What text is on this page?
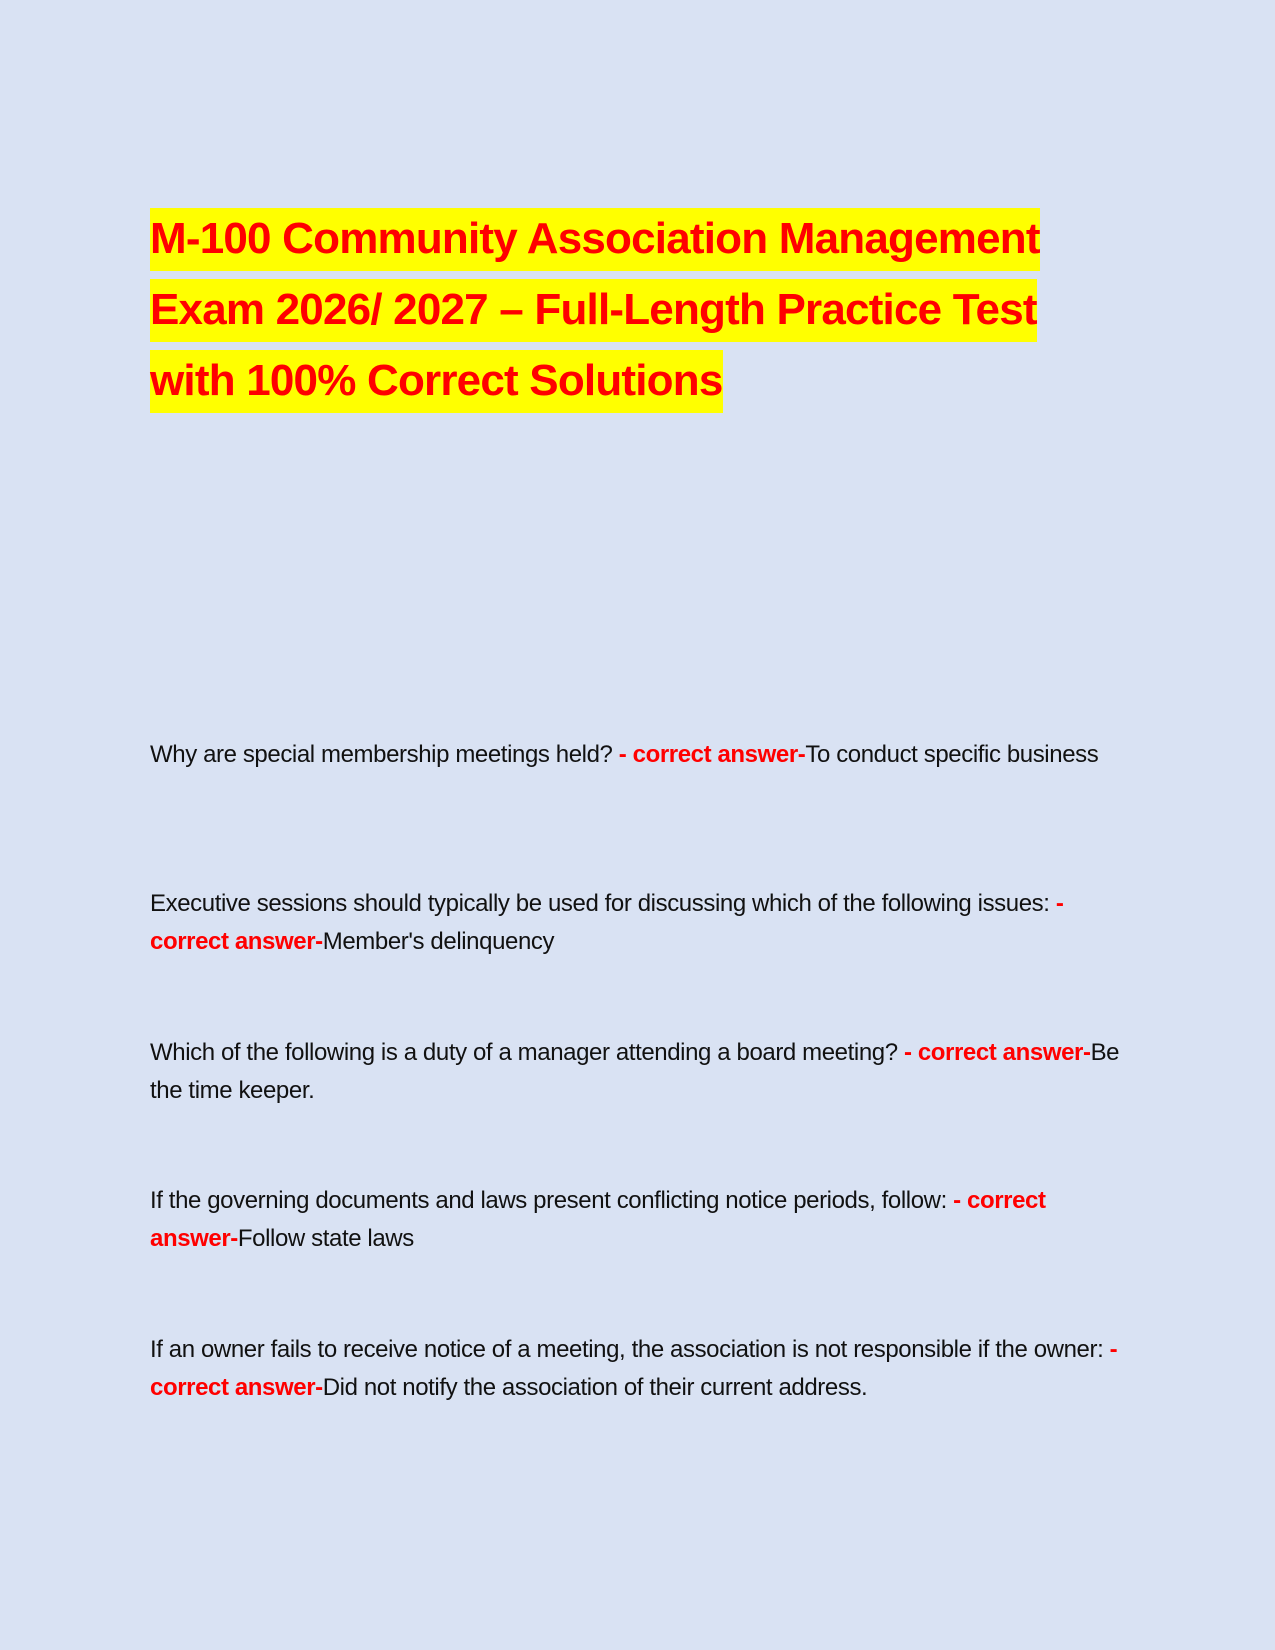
M-100 Community Association Management Exam 2026/ 2027 – Full-Length Practice Test with 100% Correct Solutions
Why are special membership meetings held? - correct answer-To conduct specific business
Executive sessions should typically be used for discussing which of the following issues: - correct answer-Member's delinquency
Which of the following is a duty of a manager attending a board meeting? - correct answer-Be the time keeper.
If the governing documents and laws present conflicting notice periods, follow: - correct answer-Follow state laws
If an owner fails to receive notice of a meeting, the association is not responsible if the owner: - correct answer-Did not notify the association of their current address.
